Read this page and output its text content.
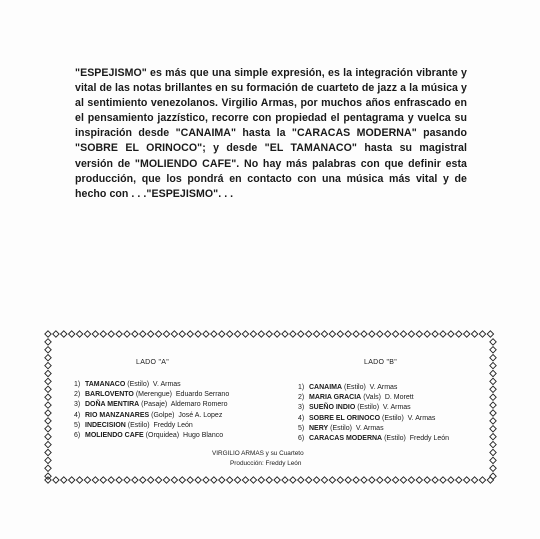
"ESPEJISMO" es más que una simple expresión, es la integración vibrante y vital de las notas brillantes en su formación de cuarteto de jazz a la música y al sentimiento venezolanos. Virgilio Armas, por muchos años enfrascado en el pensamiento jazzístico, recorre con propiedad el pentagrama y vuelca su inspiración desde "CANAIMA" hasta la "CARACAS MODERNA" pasando "SOBRE EL ORINOCO"; y desde "EL TAMANACO" hasta su magistral versión de "MOLIENDO CAFE". No hay más palabras con que definir esta producción, que los pondrá en contacto con una música más vital y de hecho con . . ."ESPEJISMO". . .
LADO "A"	LADO "B"
1) TAMANACO (Estilo)  V. Armas
2) BARLOVENTO (Merengue)  Eduardo Serrano
3) DOÑA MENTIRA (Pasaje)  Aldemaro Romero
4) RIO MANZANARES (Golpe)  José A. Lopez
5) INDECISION (Estilo)  Freddy León
6) MOLIENDO CAFE (Orquidea)  Hugo Blanco
1) CANAIMA (Estilo)  V. Armas
2) MARIA GRACIA (Vals)  D. Morett
3) SUEÑO INDIO (Estilo)  V. Armas
4) SOBRE EL ORINOCO (Estilo)  V. Armas
5) NERY (Estilo)  V. Armas
6) CARACAS MODERNA (Estilo)  Freddy León
VIRGILIO ARMAS y su Cuarteto
Producción: Freddy León
